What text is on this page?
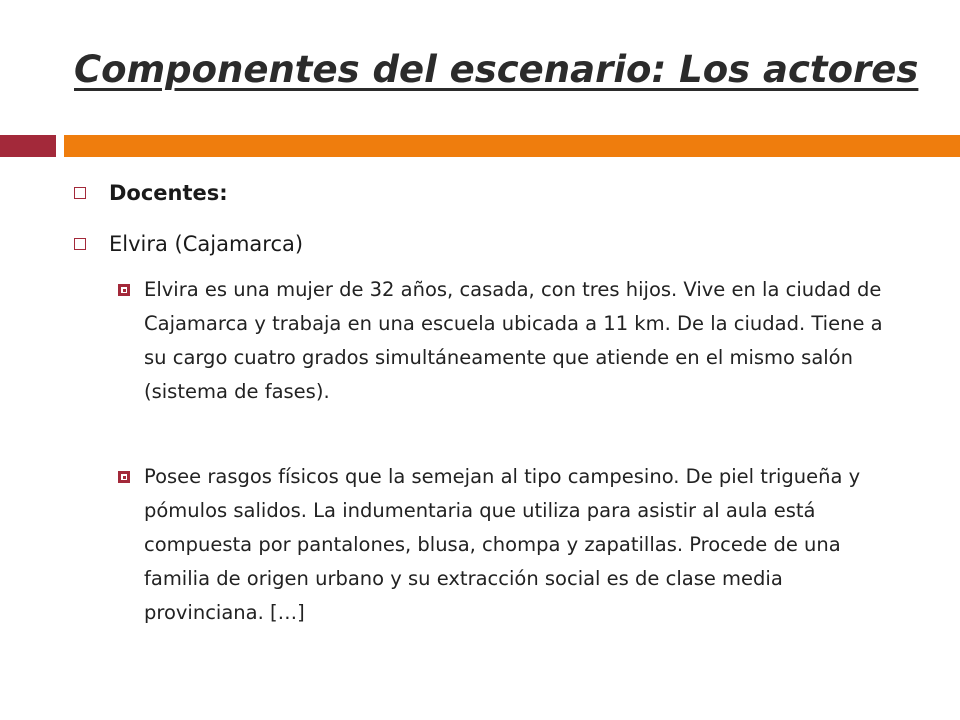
Componentes del escenario: Los actores
Docentes:
Elvira (Cajamarca)
Elvira es una mujer de 32 años, casada, con tres hijos. Vive en la ciudad de Cajamarca y trabaja en una escuela ubicada a 11 km. De la ciudad. Tiene a su cargo cuatro grados simultáneamente que atiende en el mismo salón (sistema de fases).
Posee rasgos físicos que la semejan al tipo campesino. De piel trigueña y pómulos salidos. La indumentaria que utiliza para asistir al aula está compuesta por pantalones, blusa, chompa y zapatillas. Procede de una familia de origen urbano y su extracción social es de clase media provinciana. […]
